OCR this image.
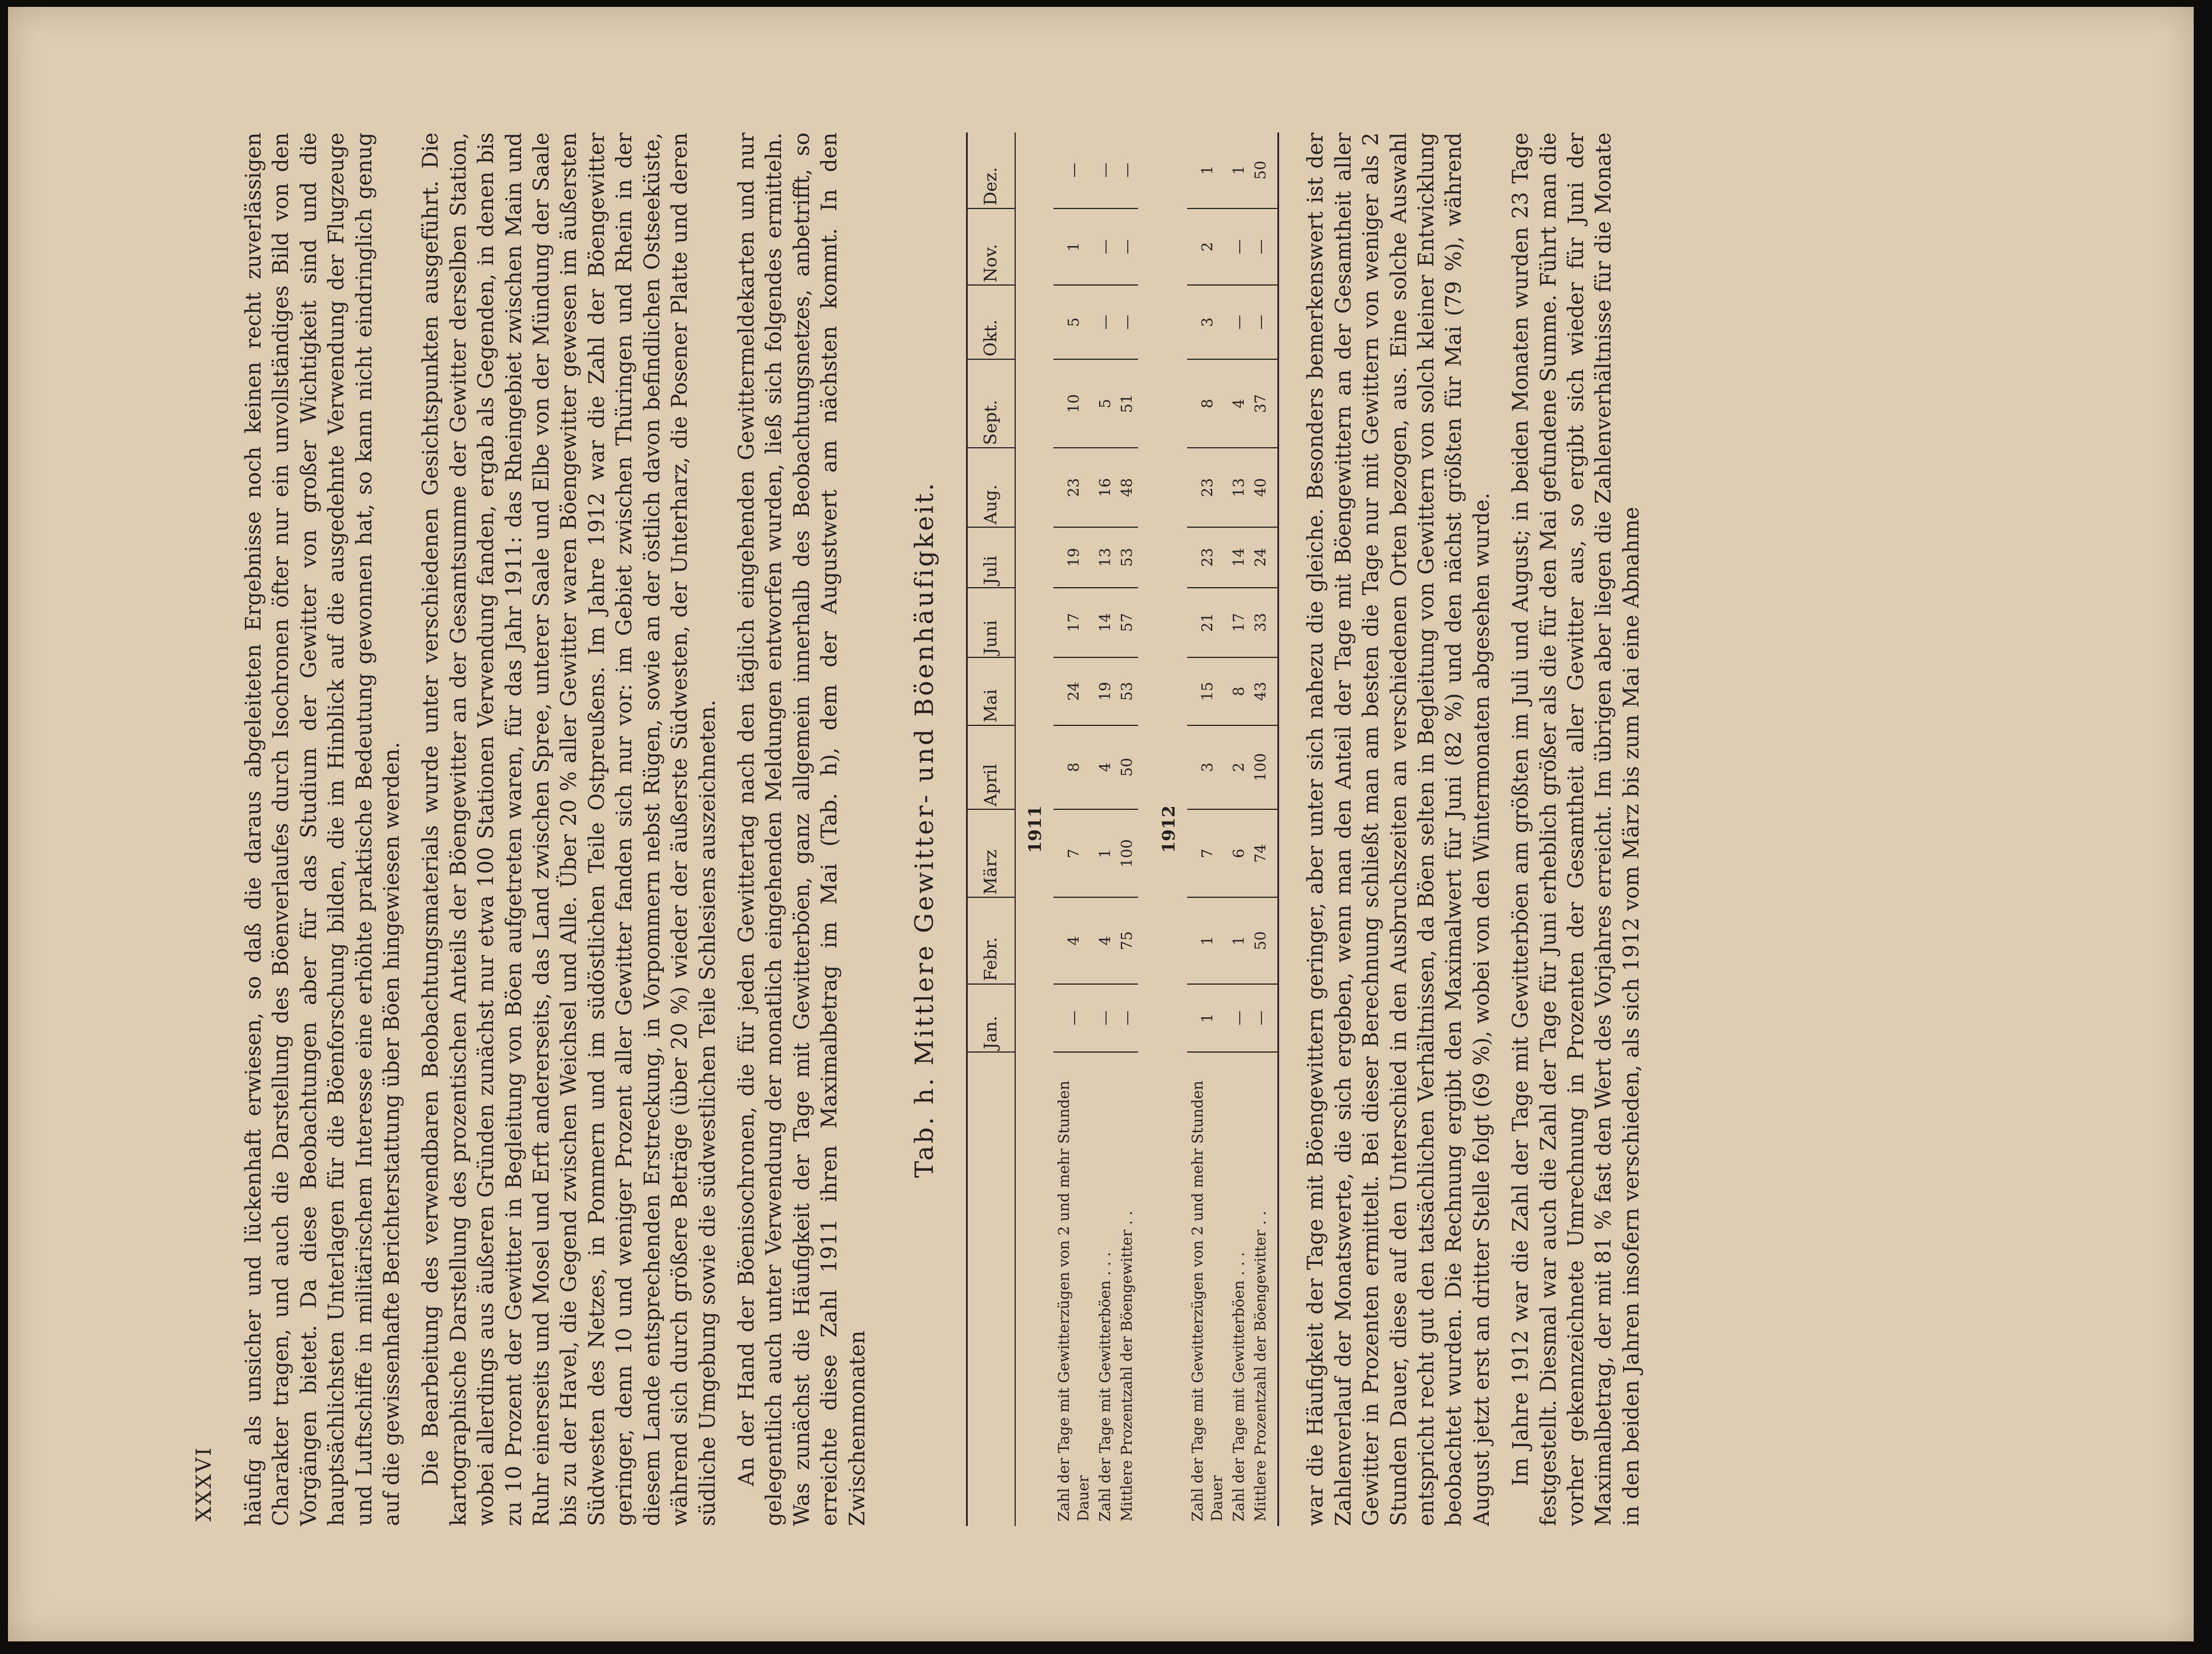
XXXVI	häufig als unsicher und lückenhaft erwiesen, so daß die daraus abgeleiteten Ergebnisse noch keinen recht zuverlässigen Charakter tragen, und auch die Darstellung des Böenverlaufes durch Isochronen öfter nur ein unvollständiges Bild von den Vorgängen bietet. Da diese Beobachtungen aber für das Studium der Gewitter von großer Wichtigkeit sind und die hauptsächlichsten Unterlagen für die Böenforschung bilden, die im Hinblick auf die ausgedehnte Verwendung der Flugzeuge und Luftschiffe in militärischem Interesse eine erhöhte praktische Bedeutung gewonnen hat, so kann nicht eindringlich genug auf die gewissenhafte Berichterstattung über Böen hingewiesen werden. Die Bearbeitung des verwendbaren Beobachtungsmaterials wurde unter verschiedenen Gesichtspunkten ausgeführt. Die kartographische Darstellung des prozentischen Anteils der Böengewitter an der Gesamtsumme der Gewitter derselben Station, wobei allerdings aus äußeren Gründen zunächst nur etwa 100 Stationen Verwendung fanden, ergab als Gegenden, in denen bis zu 10 Prozent der Gewitter in Begleitung von Böen aufgetreten waren, für das Jahr 1911: das Rheingebiet zwischen Main und Ruhr einerseits und Mosel und Erft andererseits, das Land zwischen Spree, unterer Saale und Elbe von der Mündung der Saale bis zu der Havel, die Gegend zwischen Weichsel und Alle. Über 20 % aller Gewitter waren Böengewitter gewesen im äußersten Südwesten des Netzes, in Pommern und im südöstlichen Teile Ostpreußens. Im Jahre 1912 war die Zahl der Böengewitter geringer, denn 10 und weniger Prozent aller Gewitter fanden sich nur vor: im Gebiet zwischen Thüringen und Rhein in der diesem Lande entsprechenden Erstreckung, in Vorpommern nebst Rügen, sowie an der östlich davon befindlichen Ostseeküste, während sich durch größere Beträge (über 20 %) wieder der äußerste Südwesten, der Unterharz, die Posener Platte und deren südliche Umgebung sowie die südwestlichen Teile Schlesiens auszeichneten. An der Hand der Böenisochronen, die für jeden Gewittertag nach den täglich eingehenden Gewittermeldekarten und nur gelegentlich auch unter Verwendung der monatlich eingehenden Meldungen entworfen wurden, ließ sich folgendes ermitteln. Was zunächst die Häufigkeit der Tage mit Gewitterböen, ganz allgemein innerhalb des Beobachtungsnetzes, anbetrifft, so erreichte diese Zahl 1911 ihren Maximalbetrag im Mai (Tab. h), dem der Augustwert am nächsten kommt. In den Zwischenmonaten

Tab. h. Mittlere Gewitter- und Böenhäufigkeit.
	Jan.	Febr.	März	April	Mai	Juni	Juli	Aug.	Sept.	Okt.	Nov.	Dez.
1911												
Zahl der Tage mit Gewitterzügen von 2 und mehr Stunden Dauer	—	4	7	8	24	17	19	23	10	5	1	—
Zahl der Tage mit Gewitterböen . . .	—	4	1	4	19	14	13	16	5	—	—	—
Mittlere Prozentzahl der Böengewitter . .	—	75	100	50	53	57	53	48	51	—	—	—

1912												
Zahl der Tage mit Gewitterzügen von 2 und mehr Stunden Dauer	1	1	7	3	15	21	23	23	8	3	2	1
Zahl der Tage mit Gewitterböen . . .	—	1	6	2	8	17	14	13	4	—	—	1
Mittlere Prozentzahl der Böengewitter . .	—	50	74	100	43	33	24	40	37	—	—	50 war die Häufigkeit der Tage mit Böengewittern geringer, aber unter sich nahezu die gleiche. Besonders bemerkenswert ist der Zahlenverlauf der Monatswerte, die sich ergeben, wenn man den Anteil der Tage mit Böengewittern an der Gesamtheit aller Gewitter in Prozenten ermittelt. Bei dieser Berechnung schließt man am besten die Tage nur mit Gewittern von weniger als 2 Stunden Dauer, diese auf den Unterschied in den Ausbruchszeiten an verschiedenen Orten bezogen, aus. Eine solche Auswahl entspricht recht gut den tatsächlichen Verhältnissen, da Böen selten in Begleitung von Gewittern von solch kleiner Entwicklung beobachtet wurden. Die Rechnung ergibt den Maximalwert für Juni (82 %) und den nächst größten für Mai (79 %), während August jetzt erst an dritter Stelle folgt (69 %), wobei von den Wintermonaten abgesehen wurde. Im Jahre 1912 war die Zahl der Tage mit Gewitterböen am größten im Juli und August; in beiden Monaten wurden 23 Tage festgestellt. Diesmal war auch die Zahl der Tage für Juni erheblich größer als die für den Mai gefundene Summe. Führt man die vorher gekennzeichnete Umrechnung in Prozenten der Gesamtheit aller Gewitter aus, so ergibt sich wieder für Juni der Maximalbetrag, der mit 81 % fast den Wert des Vorjahres erreicht. Im übrigen aber liegen die Zahlenverhältnisse für die Monate in den beiden Jahren insofern verschieden, als sich 1912 vom März bis zum Mai eine Abnahme
